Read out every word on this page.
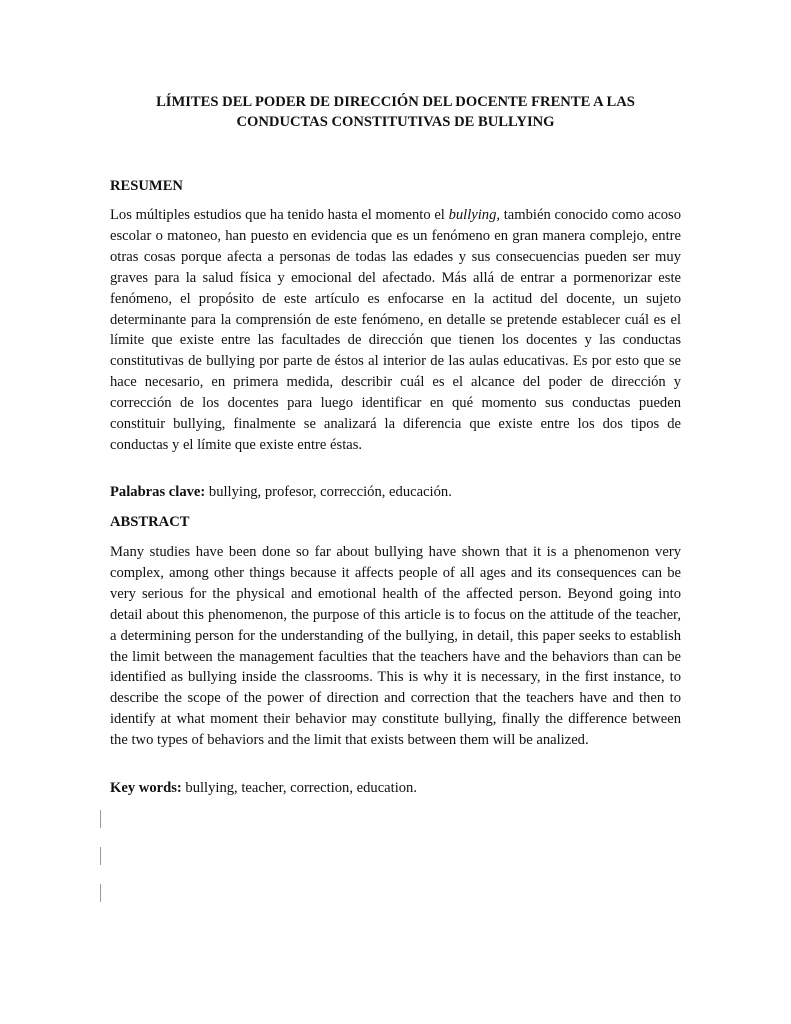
LÍMITES DEL PODER DE DIRECCIÓN DEL DOCENTE FRENTE A LAS
CONDUCTAS CONSTITUTIVAS DE BULLYING
RESUMEN

Los múltiples estudios que ha tenido hasta el momento el bullying, también conocido como acoso escolar o matoneo, han puesto en evidencia que es un fenómeno en gran manera complejo, entre otras cosas porque afecta a personas de todas las edades y sus consecuencias pueden ser muy graves para la salud física y emocional del afectado. Más allá de entrar a pormenorizar este fenómeno, el propósito de este artículo es enfocarse en la actitud del docente, un sujeto determinante para la comprensión de este fenómeno, en detalle se pretende establecer cuál es el límite que existe entre las facultades de dirección que tienen los docentes y las conductas constitutivas de bullying por parte de éstos al interior de las aulas educativas. Es por esto que se hace necesario, en primera medida, describir cuál es el alcance del poder de dirección y corrección de los docentes para luego identificar en qué momento sus conductas pueden constituir bullying, finalmente se analizará la diferencia que existe entre los dos tipos de conductas y el límite que existe entre éstas.

Palabras clave: bullying, profesor, corrección, educación.

ABSTRACT

Many studies have been done so far about bullying have shown that it is a phenomenon very complex, among other things because it affects people of all ages and its consequences can be very serious for the physical and emotional health of the affected person. Beyond going into detail about this phenomenon, the purpose of this article is to focus on the attitude of the teacher, a determining person for the understanding of the bullying, in detail, this paper seeks to establish the limit between the management faculties that the teachers have and the behaviors than can be identified as bullying inside the classrooms. This is why it is necessary, in the first instance, to describe the scope of the power of direction and correction that the teachers have and then to identify at what moment their behavior may constitute bullying, finally the difference between the two types of behaviors and the limit that exists between them will be analized.

Key words: bullying, teacher, correction, education.
